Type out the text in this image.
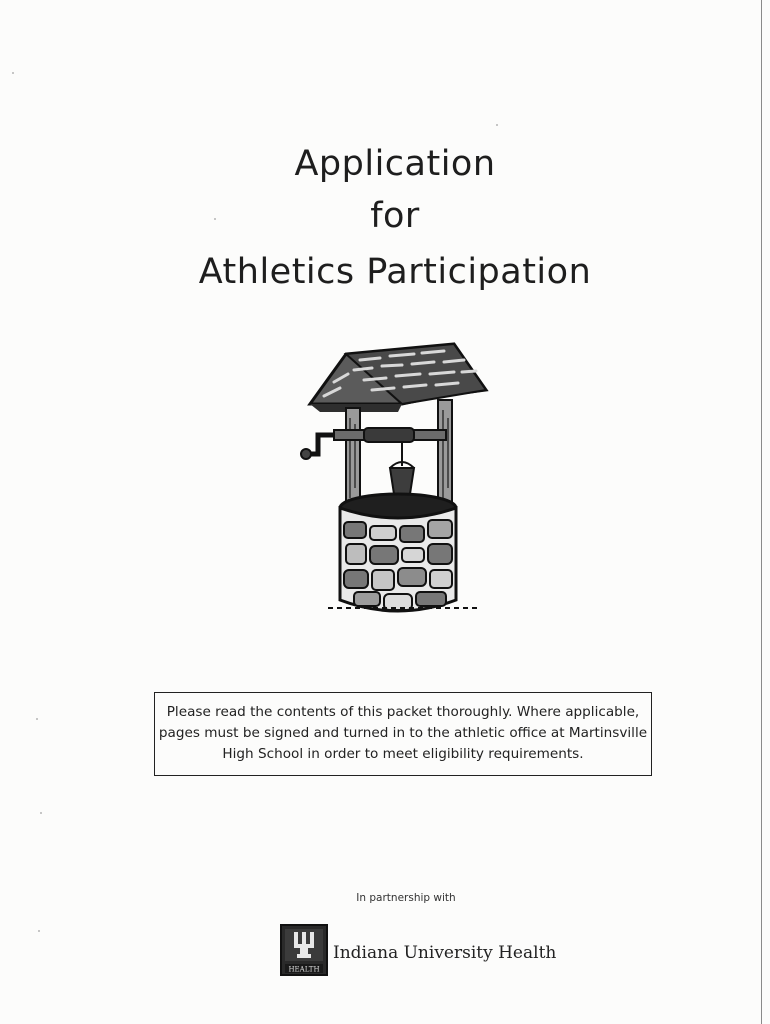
Application
for
Athletics Participation
Please read the contents of this packet thoroughly. Where applicable,
pages must be signed and turned in to the athletic office at Martinsville
High School in order to meet eligibility requirements.
In partnership with
HEALTH
Indiana University Health
